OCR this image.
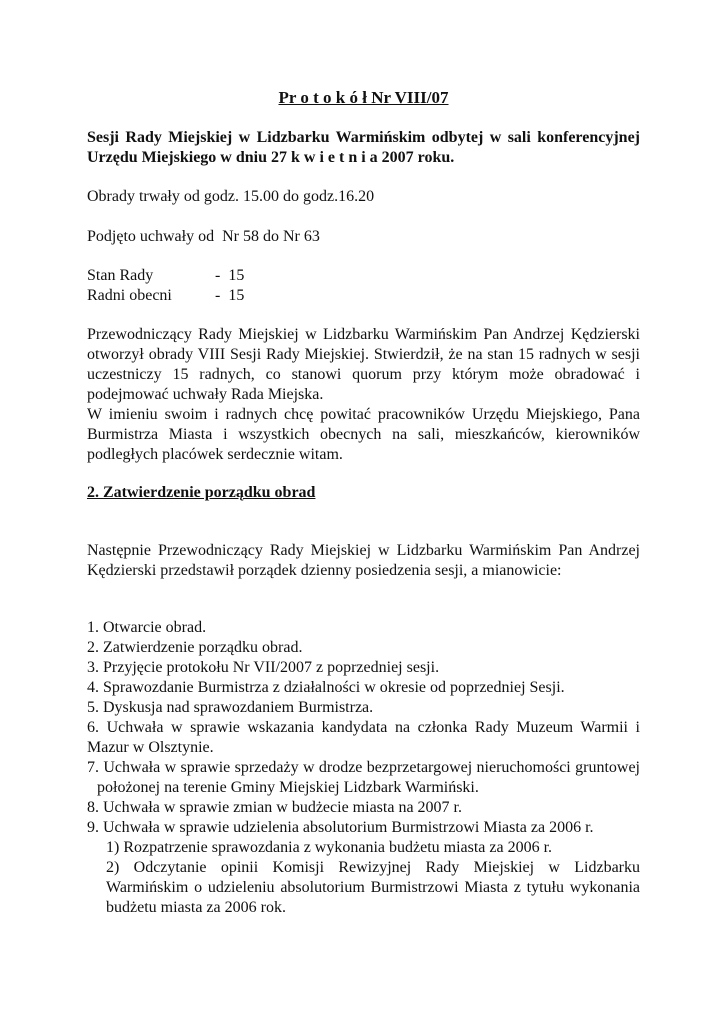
Pr o t o k ó ł Nr VIII/07
Sesji Rady Miejskiej w Lidzbarku Warmińskim odbytej w sali konferencyjnej Urzędu Miejskiego w dniu 27 k w i e t n i a 2007 roku.
Obrady trwały od godz. 15.00 do godz.16.20
Podjęto uchwały od  Nr 58 do Nr 63
Stan Rady	-  15
Radni obecni	-  15
Przewodniczący Rady Miejskiej w Lidzbarku Warmińskim Pan Andrzej Kędzierski otworzył obrady VIII Sesji Rady Miejskiej. Stwierdził, że na stan 15 radnych w sesji uczestniczy 15 radnych, co stanowi quorum przy którym może obradować i podejmować uchwały Rada Miejska.
W imieniu swoim i radnych chcę powitać pracowników Urzędu Miejskiego, Pana Burmistrza Miasta i wszystkich obecnych na sali, mieszkańców, kierowników podległych placówek serdecznie witam.
2. Zatwierdzenie porządku obrad
Następnie Przewodniczący Rady Miejskiej w Lidzbarku Warmińskim Pan Andrzej Kędzierski przedstawił porządek dzienny posiedzenia sesji, a mianowicie:
1. Otwarcie obrad.
2. Zatwierdzenie porządku obrad.
3. Przyjęcie protokołu Nr VII/2007 z poprzedniej sesji.
4. Sprawozdanie Burmistrza z działalności w okresie od poprzedniej Sesji.
5. Dyskusja nad sprawozdaniem Burmistrza.
6. Uchwała w sprawie wskazania kandydata na członka Rady Muzeum Warmii i Mazur w Olsztynie.
7. Uchwała w sprawie sprzedaży w drodze bezprzetargowej nieruchomości gruntowej położonej na terenie Gminy Miejskiej Lidzbark Warmiński.
8. Uchwała w sprawie zmian w budżecie miasta na 2007 r.
9. Uchwała w sprawie udzielenia absolutorium Burmistrzowi Miasta za 2006 r.
1) Rozpatrzenie sprawozdania z wykonania budżetu miasta za 2006 r.
2) Odczytanie opinii Komisji Rewizyjnej Rady Miejskiej w Lidzbarku Warmińskim o udzieleniu absolutorium Burmistrzowi Miasta z tytułu wykonania budżetu miasta za 2006 rok.
